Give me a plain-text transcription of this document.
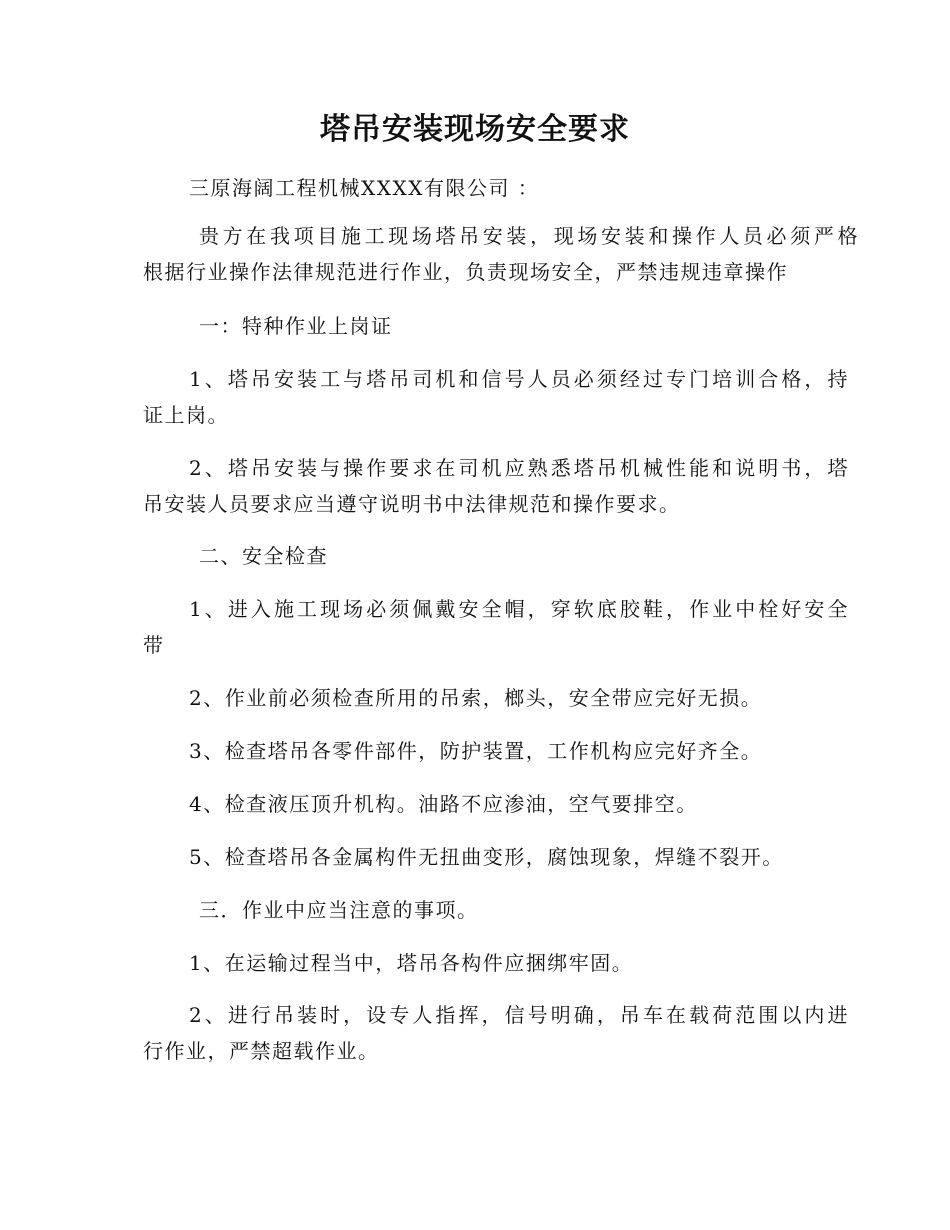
塔吊安装现场安全要求
三原海阔工程机械XXXX有限公司 ：
贵方在我项目施工现场塔吊安装，现场安装和操作人员必须严格
根据行业操作法律规范进行作业，负责现场安全，严禁违规违章操作
一：特种作业上岗证
1、塔吊安装工与塔吊司机和信号人员必须经过专门培训合格，持
证上岗。
2、塔吊安装与操作要求在司机应熟悉塔吊机械性能和说明书，塔
吊安装人员要求应当遵守说明书中法律规范和操作要求。
二、安全检查
1、进入施工现场必须佩戴安全帽，穿软底胶鞋，作业中栓好安全
带
2、作业前必须检查所用的吊索，榔头，安全带应完好无损。
3、检查塔吊各零件部件，防护装置，工作机构应完好齐全。
4、检查液压顶升机构。油路不应渗油，空气要排空。
5、检查塔吊各金属构件无扭曲变形，腐蚀现象，焊缝不裂开。
三．作业中应当注意的事项。
1、在运输过程当中，塔吊各构件应捆绑牢固。
2、进行吊装时，设专人指挥，信号明确，吊车在载荷范围以内进
行作业，严禁超载作业。
